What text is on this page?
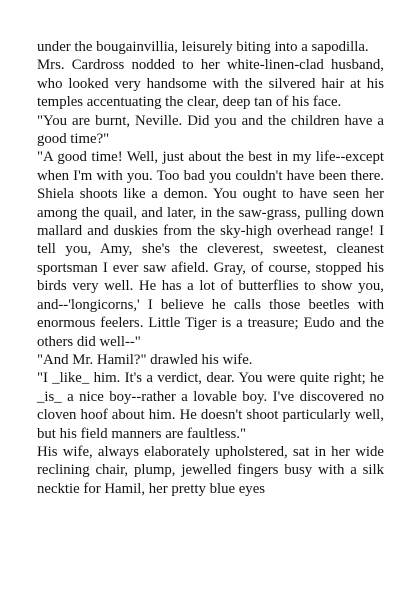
under the bougainvillia, leisurely biting into a sapodilla.

Mrs. Cardross nodded to her white-linen-clad husband, who looked very handsome with the silvered hair at his temples accentuating the clear, deep tan of his face.

"You are burnt, Neville. Did you and the children have a good time?"

"A good time! Well, just about the best in my life--except when I'm with you. Too bad you couldn't have been there. Shiela shoots like a demon. You ought to have seen her among the quail, and later, in the saw-grass, pulling down mallard and duskies from the sky-high overhead range! I tell you, Amy, she's the cleverest, sweetest, cleanest sportsman I ever saw afield. Gray, of course, stopped his birds very well. He has a lot of butterflies to show you, and--'longicorns,' I believe he calls those beetles with enormous feelers. Little Tiger is a treasure; Eudo and the others did well--"

"And Mr. Hamil?" drawled his wife.

"I _like_ him. It's a verdict, dear. You were quite right; he _is_ a nice boy--rather a lovable boy. I've discovered no cloven hoof about him. He doesn't shoot particularly well, but his field manners are faultless."

His wife, always elaborately upholstered, sat in her wide reclining chair, plump, jewelled fingers busy with a silk necktie for Hamil, her pretty blue eyes
